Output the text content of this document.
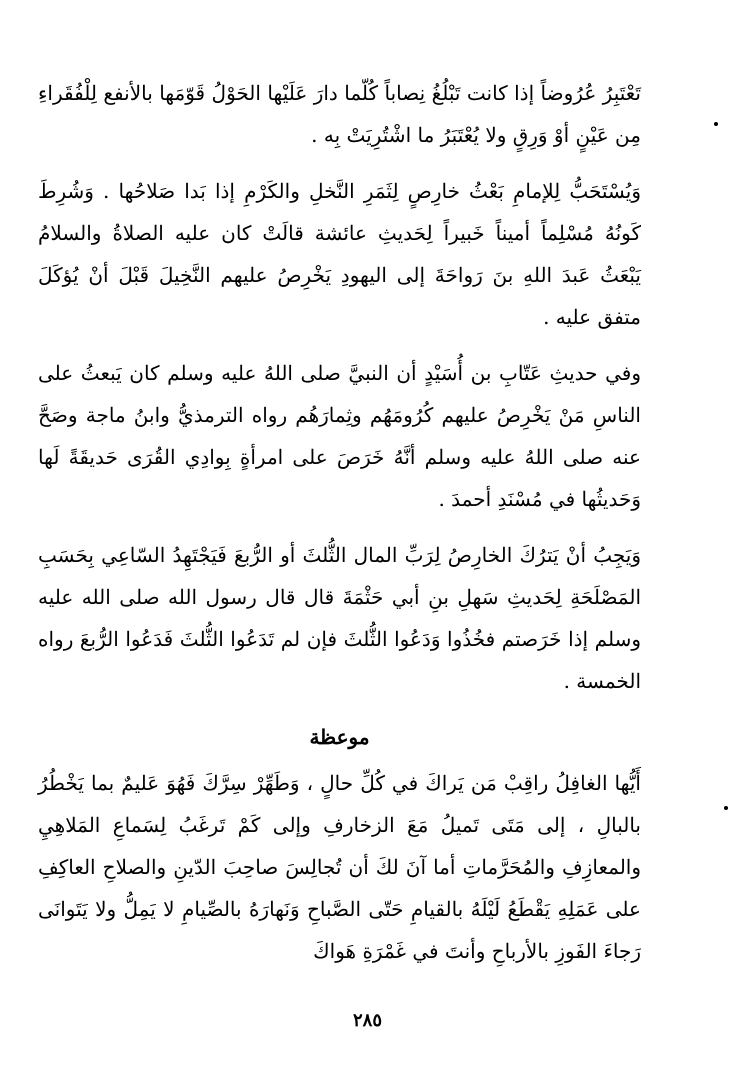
تَعْتَبِرُ عُرُوضاً إذا كانت تَبْلُغُ نِصاباً كُلّما دارَ عَلَيْها الحَوْلُ قَوّمَها بالأنفع لِلْفُقَراءِ مِن عَيْنٍ أوْ وَرِقٍ ولا يُعْتَبَرُ ما اشْتُرِيَتْ بِه .

وَيُسْتَحَبُّ لِلإمامِ بَعْثُ خارِصٍ لِثَمَرِ النَّخلِ والكَرْمِ إذا بَدا صَلاحُها . وَشُرِطَ كَونُهُ مُسْلِماً أميناً خَبيراً لِحَديثِ عائشة قالَتْ كان عليه الصلاةُ والسلامُ يَبْعَثُ عَبدَ اللهِ بنَ رَواحَةَ إلى اليهودِ يَخْرِصُ عليهم النَّخِيلَ قَبْلَ أنْ يُؤكَلَ متفق عليه .

وفي حديثِ عَتّابِ بن أُسَيْدٍ أن النبيَّ صلى اللهُ عليه وسلم كان يَبعثُ على الناسِ مَنْ يَخْرِصُ عليهم كُرُومَهُم وثِمارَهُم رواه الترمذيُّ وابنُ ماجة وصَحَّ عنه صلى اللهُ عليه وسلم أنَّهُ خَرَصَ على امرأةٍ بِوادِي القُرَى حَديقَةً لَها وَحَديثُها في مُسْنَدِ أحمدَ .

وَيَجِبُ أنْ يَترُكَ الخارِصُ لِرَبِّ المال الثُّلثَ أو الرُّبعَ فَيَجْتَهِدُ السّاعِي بِحَسَبِ المَصْلَحَةِ لِحَديثِ سَهلِ بنِ أبي حَثْمَةَ قال قال رسول الله صلى الله عليه وسلم إذا خَرَصتم فخُذُوا وَدَعُوا الثُّلثَ فإن لم تَدَعُوا الثُّلثَ فَدَعُوا الرُّبعَ رواه الخمسة .

موعظة

أَيُّها الغافِلُ راقِبْ مَن يَراكَ في كُلِّ حالٍ ، وَطَهِّرْ سِرَّكَ فَهُوَ عَليمٌ بما يَخْطُرُ بالبالِ ، إلى مَتَى تَميلُ مَعَ الزخارفِ وإلى كَمْ تَرغَبُ لِسَماعِ المَلاهِيِ والمعازِفِ والمُحَرَّماتِ أما آنَ لكَ أن تُجالِسَ صاحِبَ الدّينِ والصلاحِ العاكِفِ على عَمَلِهِ يَقْطَعُ لَيْلَهُ بالقيامِ حَتّى الصَّباحِ وَنَهارَهُ بالصِّيامِ لا يَمِلُّ ولا يَتَوانَى رَجاءَ الفَوزِ بالأرباحِ وأنتَ في غَمْرَةِ هَواكَ

٢٨٥
